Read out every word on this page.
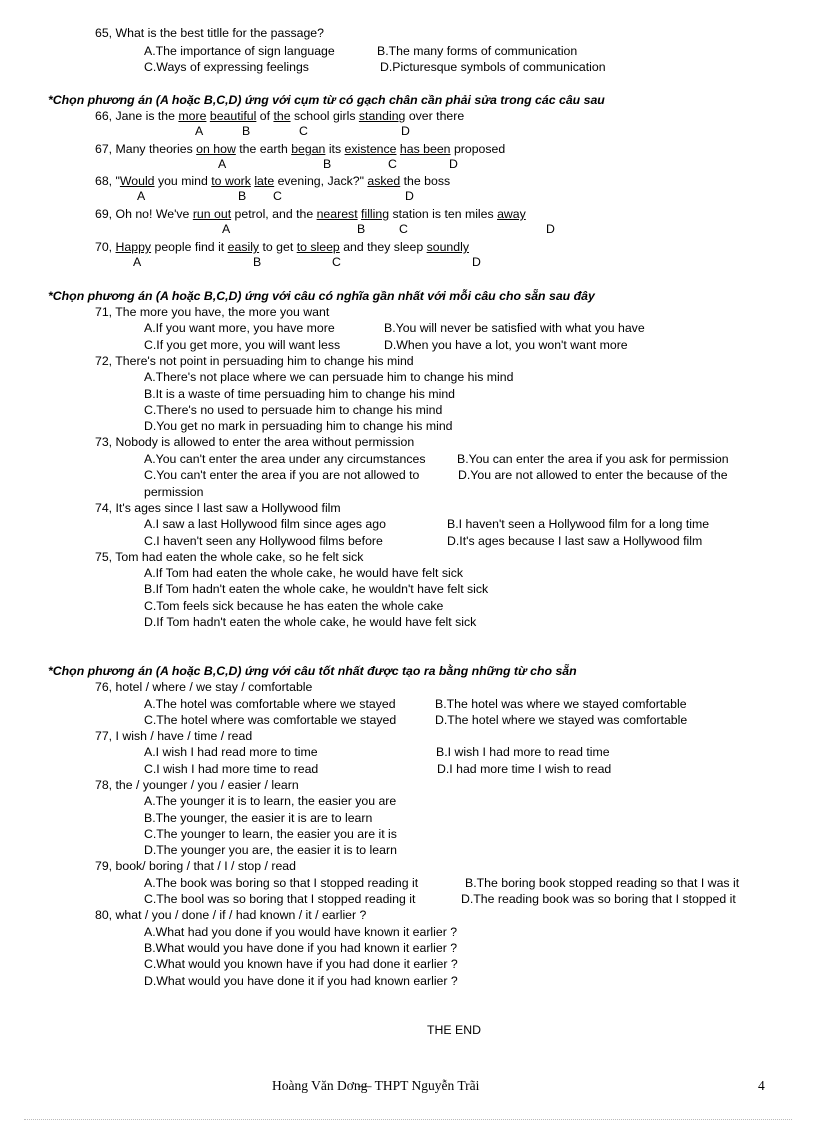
65, What is the best titlle for the passage?
A.The importance of sign language	B.The many forms of communication
C.Ways of expressing feelings	D.Picturesque symbols of communication
*Chọn phương án (A hoặc B,C,D) ứng với cụm từ có gạch chân cần phải sửa trong các câu sau
66, Jane is the more beautiful of the school girls standing over there
A	B	C	D
67, Many theories on how the earth began its existence has been proposed
A	B	C	D
68, "Would you mind to work late evening, Jack?" asked the boss
A	B C	D
69, Oh no! We've run out petrol, and the nearest filling station is ten miles away
A	B	C	D
70, Happy people find it easily to get to sleep and they sleep soundly
A	B	C	D
*Chọn phương án (A hoặc B,C,D) ứng với câu có nghĩa gần nhất với mỗi câu cho sẵn sau đây
71, The more you have, the more you want
A.If you want more, you have more	B.You will never be satisfied with what you have
C.If you get more, you will want less	D.When you have a lot, you won't want more
72, There's not point in persuading him to change his mind
A.There's not place where we can persuade him to change his mind
B.It is a waste of time persuading him to change his mind
C.There's no used to persuade him to change his mind
D.You get no mark in persuading him to change his mind
73, Nobody is allowed to enter the area without permission
A.You can't enter the area under any circumstances	B.You can enter the area if you ask for permission
C.You can't enter the area if you are not allowed to	D.You are not allowed to enter the because of the
permission
74, It's ages since I last saw a Hollywood film
A.I saw a last Hollywood film since ages ago	B.I haven't seen a Hollywood film for a long time
C.I haven't seen any Hollywood films before	D.It's ages because I last saw a Hollywood film
75, Tom had eaten the whole cake, so he felt sick
A.If Tom had eaten the whole cake, he would have felt sick
B.If Tom hadn't eaten the whole cake, he wouldn't have felt sick
C.Tom feels sick because he has eaten the whole cake
D.If Tom hadn't eaten the whole cake, he would have felt sick
*Chọn phương án (A hoặc B,C,D) ứng với câu tốt nhất được tạo ra bằng những từ cho sẵn
76, hotel / where / we stay / comfortable
A.The hotel was comfortable where we stayed	B.The hotel was where we stayed comfortable
C.The hotel where was comfortable we stayed	D.The hotel where we stayed was comfortable
77, I wish / have / time / read
A.I wish I had read more to time	B.I wish I had more to read time
C.I wish I had more time to read	D.I had more time I wish to read
78, the / younger / you / easier / learn
A.The younger it is to learn, the easier you are
B.The younger, the easier it is are to learn
C.The younger to learn, the easier you are it is
D.The younger you are, the easier it is to learn
79, book/ boring / that / I / stop / read
A.The book was boring so that I stopped reading it	B.The boring book stopped reading so that I was it
C.The bool was so boring that I stopped reading it	D.The reading book was so boring that I stopped it
80, what / you / done / if / had known / it / earlier ?
A.What had you done if you would have known it earlier ?
B.What would you have done if you had known it earlier ?
C.What would you known have if you had done it earlier ?
D.What would you have done it if you had known earlier ?
THE END
Hoàng Văn Dơng
— THPT Nguyễn Trãi	4
